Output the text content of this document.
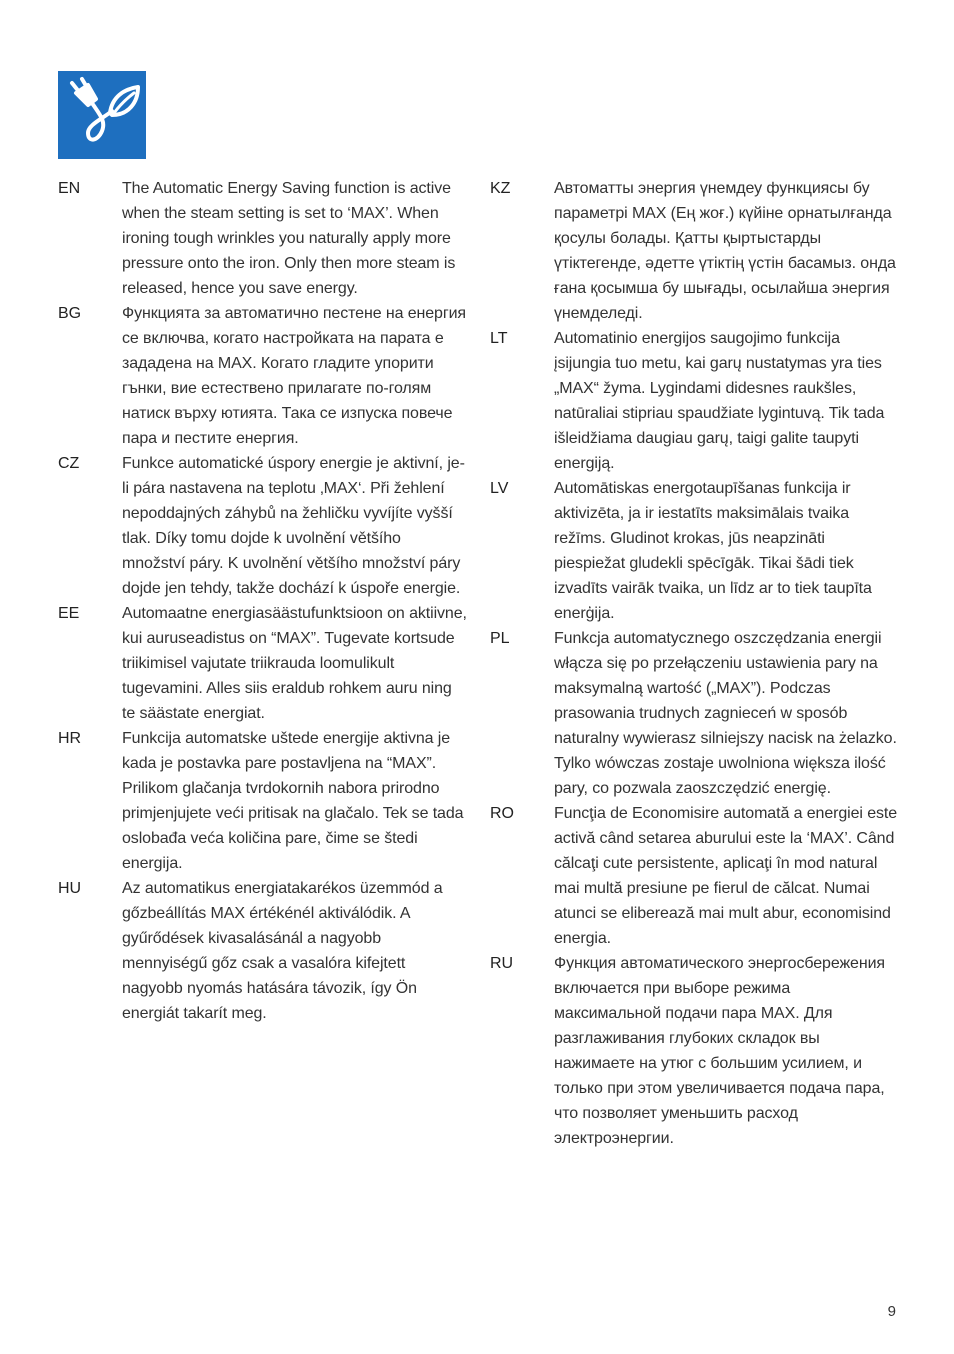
EN	The Automatic Energy Saving function is active when the steam setting is set to ‘MAX’. When ironing tough wrinkles you naturally apply more pressure onto the iron. Only then more steam is released, hence you save energy.
BG	Функцията за автоматично пестене на енергия се включва, когато настройката на парата е зададена на MAX. Когато гладите упорити гънки, вие естествено прилагате по-голям натиск върху ютията. Така се изпуска повече пара и пестите енергия.
CZ	Funkce automatické úspory energie je aktivní, je-li pára nastavena na teplotu ‚MAX‘. Při žehlení nepoddajných záhybů na žehličku vyvíjíte vyšší tlak. Díky tomu dojde k uvolnění většího množství páry. K uvolnění většího množství páry dojde jen tehdy, takže dochází k úspoře energie.
EE	Automaatne energiasäästufunktsioon on aktiivne, kui auruseadistus on “MAX”. Tugevate kortsude triikimisel vajutate triikrauda loomulikult tugevamini. Alles siis eraldub rohkem auru ning te säästate energiat.
HR	Funkcija automatske uštede energije aktivna je kada je postavka pare postavljena na “MAX”. Prilikom glačanja tvrdokornih nabora prirodno primjenjujete veći pritisak na glačalo. Tek se tada oslobađa veća količina pare, čime se štedi energija.
HU	Az automatikus energiatakarékos üzemmód a gőzbeállítás MAX értékénél aktiválódik. A gyűrődések kivasalásánál a nagyobb mennyiségű gőz csak a vasalóra kifejtett nagyobb nyomás hatására távozik, így Ön energiát takarít meg.
KZ	Автоматты энергия үнемдеу функциясы бу параметрі MAX (Ең жоғ.) күйіне орнатылғанда қосулы болады. Қатты қыртыстарды үтіктегенде, әдетте үтіктің үстін басамыз. онда ғана қосымша бу шығады, осылайша энергия үнемделеді.
LT	Automatinio energijos saugojimo funkcija įsijungia tuo metu, kai garų nustatymas yra ties „MAX“ žyma. Lygindami didesnes raukšles, natūraliai stipriau spaudžiate lygintuvą. Tik tada išleidžiama daugiau garų, taigi galite taupyti energiją.
LV	Automātiskas energotaupīšanas funkcija ir aktivizēta, ja ir iestatīts maksimālais tvaika režīms. Gludinot krokas, jūs neapzināti piespiežat gludekli spēcīgāk. Tikai šādi tiek izvadīts vairāk tvaika, un līdz ar to tiek taupīta enerģija.
PL	Funkcja automatycznego oszczędzania energii włącza się po przełączeniu ustawienia pary na maksymalną wartość („MAX”). Podczas prasowania trudnych zagnieceń w sposób naturalny wywierasz silniejszy nacisk na żelazko. Tylko wówczas zostaje uwolniona większa ilość pary, co pozwala zaoszczędzić energię.
RO	Funcţia de Economisire automată a energiei este activă când setarea aburului este la ‘MAX’. Când călcaţi cute persistente, aplicaţi în mod natural mai multă presiune pe fierul de călcat. Numai atunci se eliberează mai mult abur, economisind energia.
RU	Функция автоматического энергосбережения включается при выборе режима максимальной подачи пара MAX. Для разглаживания глубоких складок вы нажимаете на утюг с большим усилием, и только при этом увеличивается подача пара, что позволяет уменьшить расход электроэнергии.
9
